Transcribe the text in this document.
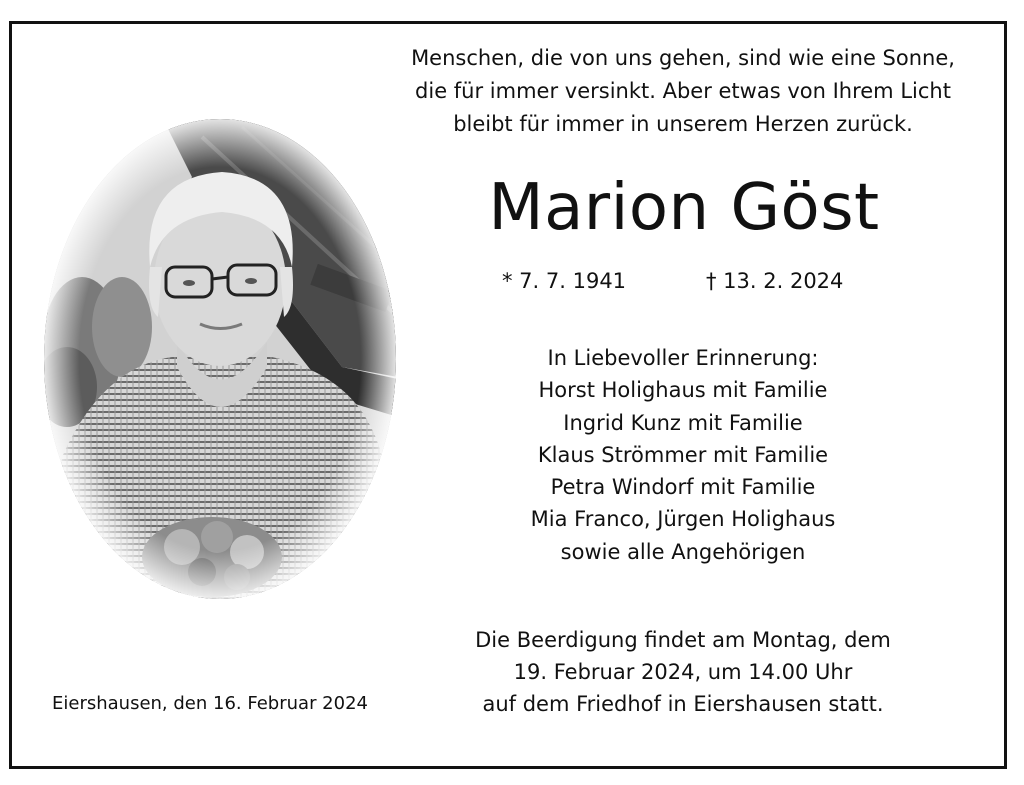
Menschen, die von uns gehen, sind wie eine Sonne,
die für immer versinkt. Aber etwas von Ihrem Licht
bleibt für immer in unserem Herzen zurück.
Marion Göst
* 7. 7. 1941	† 13. 2. 2024
In Liebevoller Erinnerung:
Horst Holighaus mit Familie
Ingrid Kunz mit Familie
Klaus Strömmer mit Familie
Petra Windorf mit Familie
Mia Franco, Jürgen Holighaus
sowie alle Angehörigen
Die Beerdigung findet am Montag, dem
19. Februar 2024, um 14.00 Uhr
auf dem Friedhof in Eiershausen statt.
Eiershausen, den 16. Februar 2024
